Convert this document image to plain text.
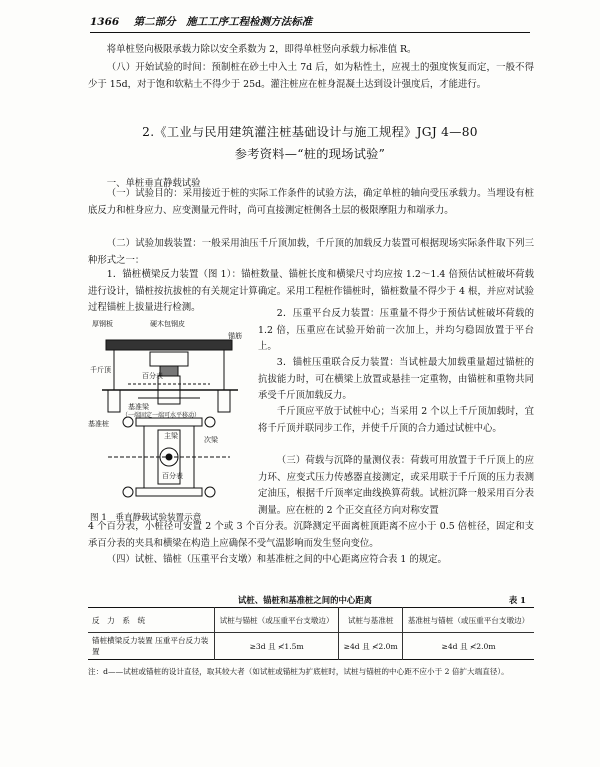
1366 第二部分　施工工序工程检测方法标准

将单桩竖向极限承载力除以安全系数为 2，即得单桩竖向承载力标准值 R。

（八）开始试验的时间：预制桩在砂土中入土 7d 后，如为粘性土，应视土的强度恢复而定，一般不得少于 15d，对于饱和软粘土不得少于 25d。灌注桩应在桩身混凝土达到设计强度后，才能进行。

2.《工业与民用建筑灌注桩基础设计与施工规程》JGJ 4—80
参考资料—“桩的现场试验”
一、单桩垂直静载试验

（一）试验目的：采用接近于桩的实际工作条件的试验方法，确定单桩的轴向受压承载力。当埋设有桩底反力和桩身应力、应变测量元件时，尚可直接测定桩侧各土层的极限摩阻力和端承力。

（二）试验加载装置：一般采用油压千斤顶加载，千斤顶的加载反力装置可根据现场实际条件取下列三种形式之一：

1．锚桩横梁反力装置（图 1）：锚桩数量、锚桩长度和横梁尺寸均应按 1.2～1.4 倍预估试桩破坏荷载进行设计，锚桩按抗拔桩的有关规定计算确定。采用工程桩作锚桩时，锚桩数量不得少于 4 根，并应对试验过程锚桩上拔量进行检测。

厚钢板	硬木包钢皮
锚筋
千斤顶
百分表
基准梁
（一端固定一端可水平移动）
基准桩
主梁	次梁
百分表
图 1　垂直静载试验装置示意

2．压重平台反力装置：压重量不得少于预估试桩破坏荷载的 1.2 倍，压重应在试验开始前一次加上，并均匀稳固放置于平台上。

3．锚桩压重联合反力装置：当试桩最大加载重量超过锚桩的抗拔能力时，可在横梁上放置或悬挂一定重物，由锚桩和重物共同承受千斤顶加载反力。

千斤顶应平放于试桩中心；当采用 2 个以上千斤顶加载时，宜将千斤顶并联同步工作，并使千斤顶的合力通过试桩中心。

（三）荷载与沉降的量测仪表：荷载可用放置于千斤顶上的应力环、应变式压力传感器直接测定，或采用联于千斤顶的压力表测定油压，根据千斤顶率定曲线换算荷载。试桩沉降一般采用百分表测量。应在桩的 2 个正交直径方向对称安置

4 个百分表，小桩径可安置 2 个或 3 个百分表。沉降测定平面离桩顶距离不应小于 0.5 倍桩径，固定和支承百分表的夹具和横梁在构造上应确保不受气温影响而发生竖向变位。

（四）试桩、锚桩（压重平台支墩）和基准桩之间的中心距离应符合表 1 的规定。

试桩、锚桩和基准桩之间的中心距离	表 1
反　力　系　统	试桩与锚桩（或压重平台支墩边）	试桩与基准桩	基准桩与锚桩（或压重平台支墩边）
锚桩横梁反力装置 压重平台反力装置	≥3d 且 ≮1.5m	≥4d 且 ≮2.0m	≥4d 且 ≮2.0m
注：d——试桩或锚桩的设计直径，取其较大者（如试桩或锚桩为扩底桩时，试桩与锚桩的中心距不应小于 2 倍扩大端直径）。
